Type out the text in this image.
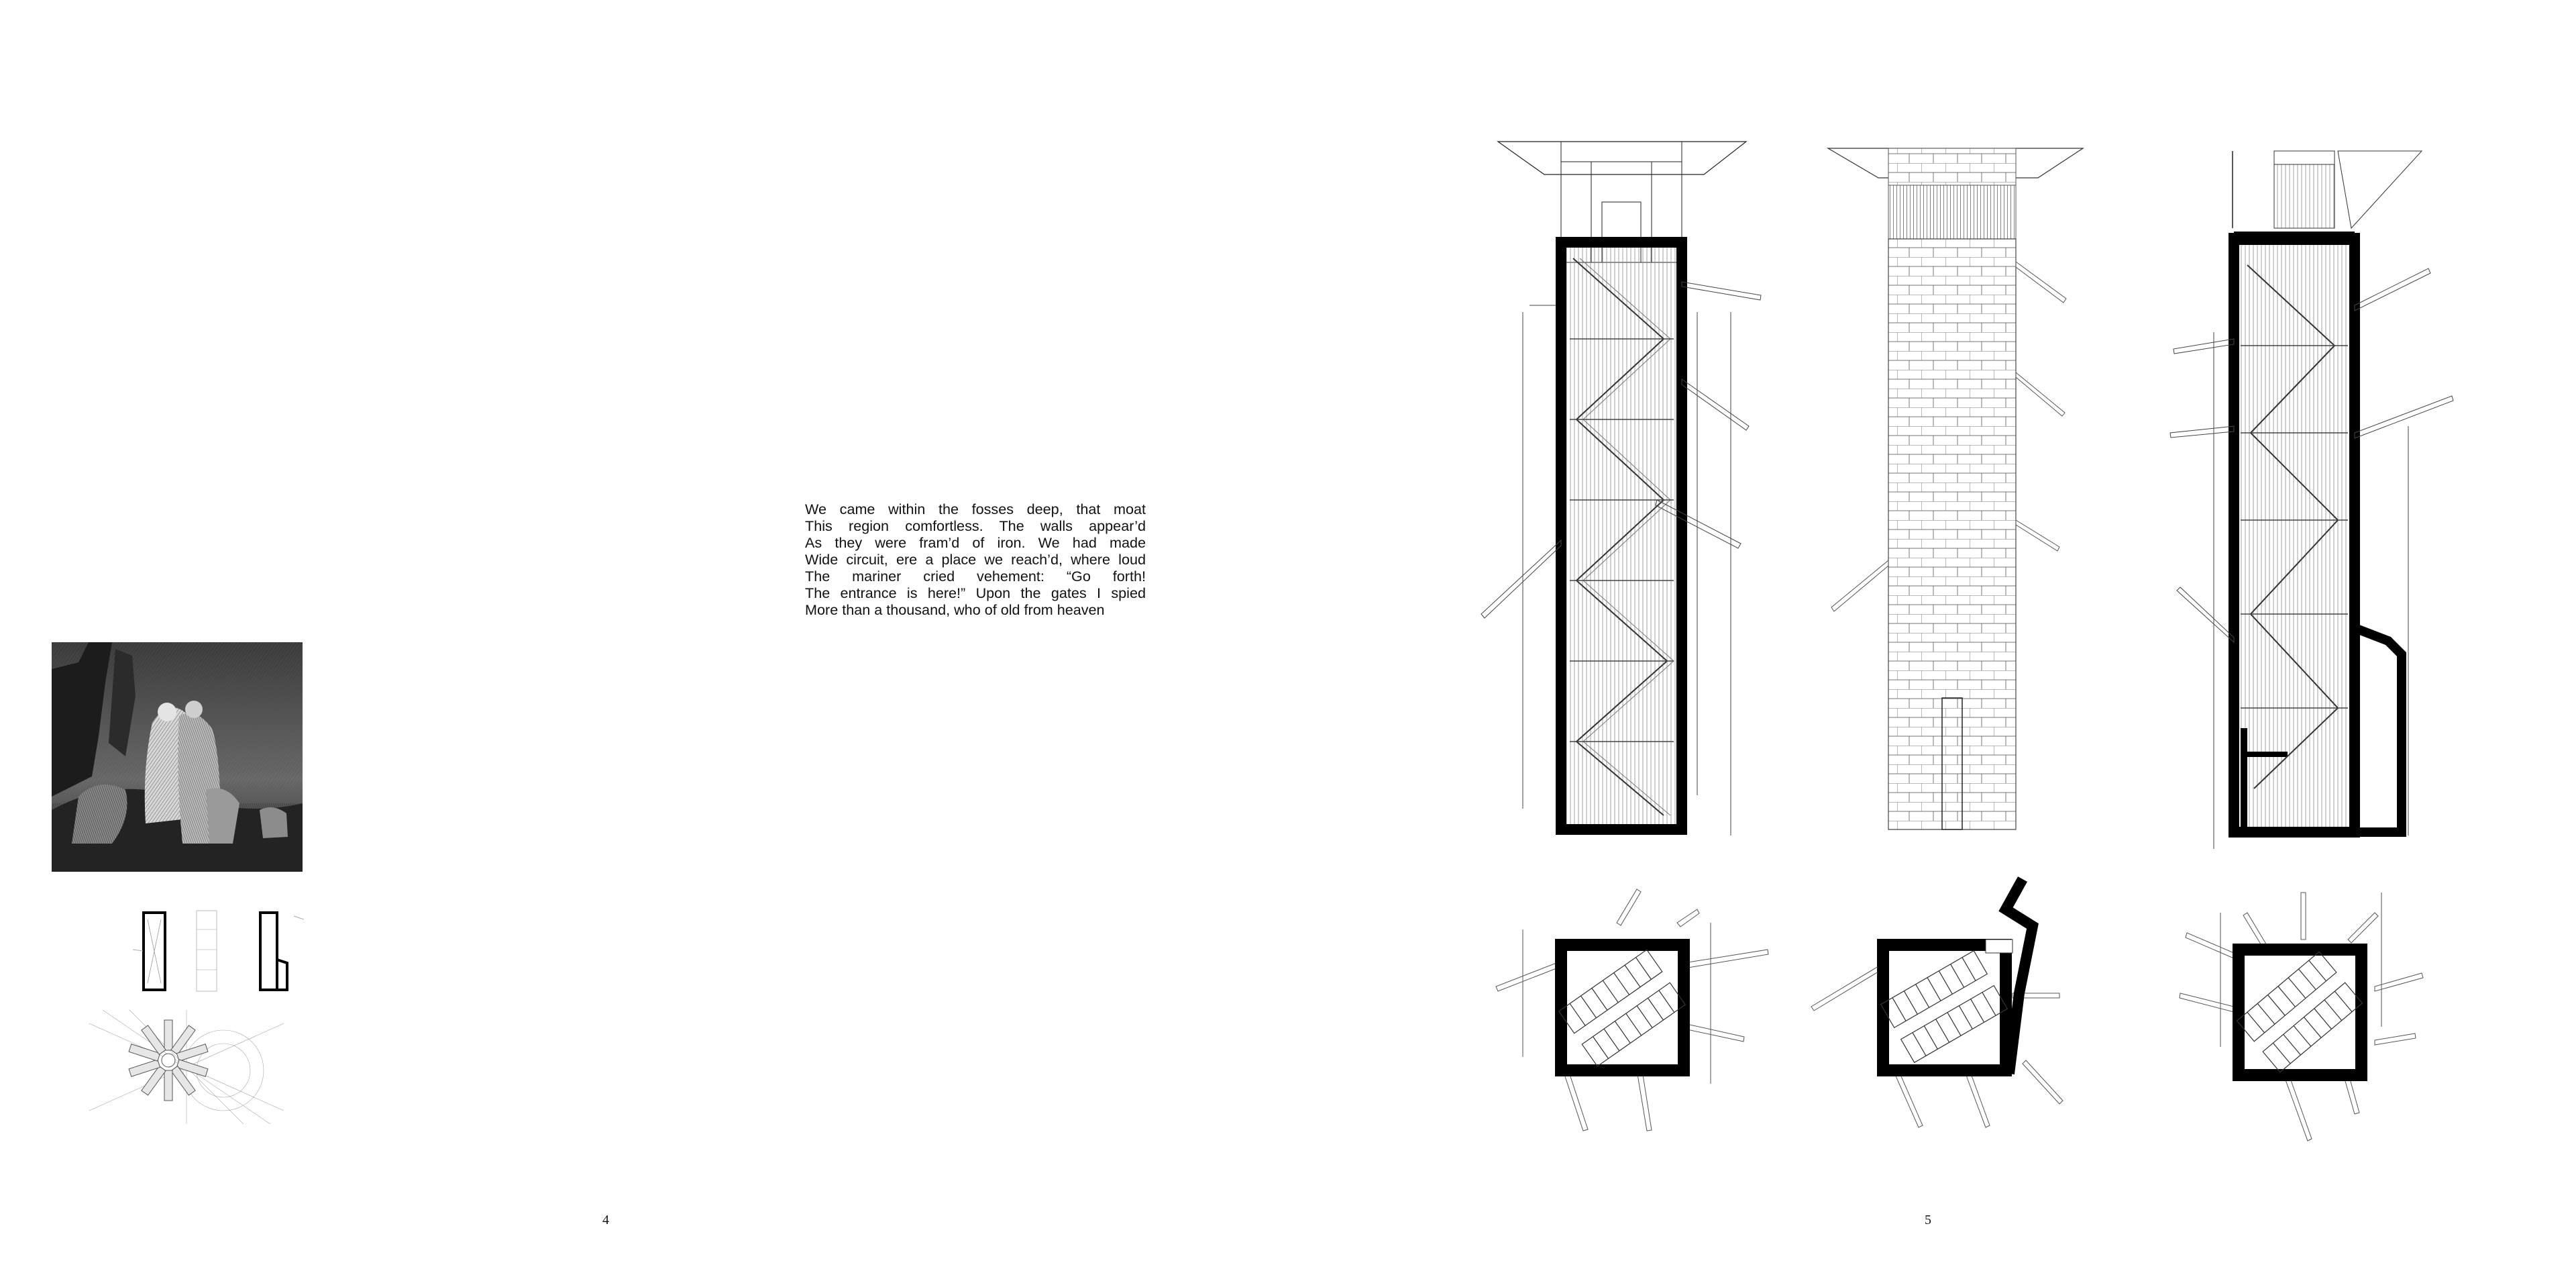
We came within the fosses deep, that moat
This region comfortless. The walls appear’d
As they were fram’d of iron. We had made
Wide circuit, ere a place we reach’d, where loud
The mariner cried vehement: “Go forth!
The entrance is here!” Upon the gates I spied
More than a thousand, who of old from heaven
4	5
